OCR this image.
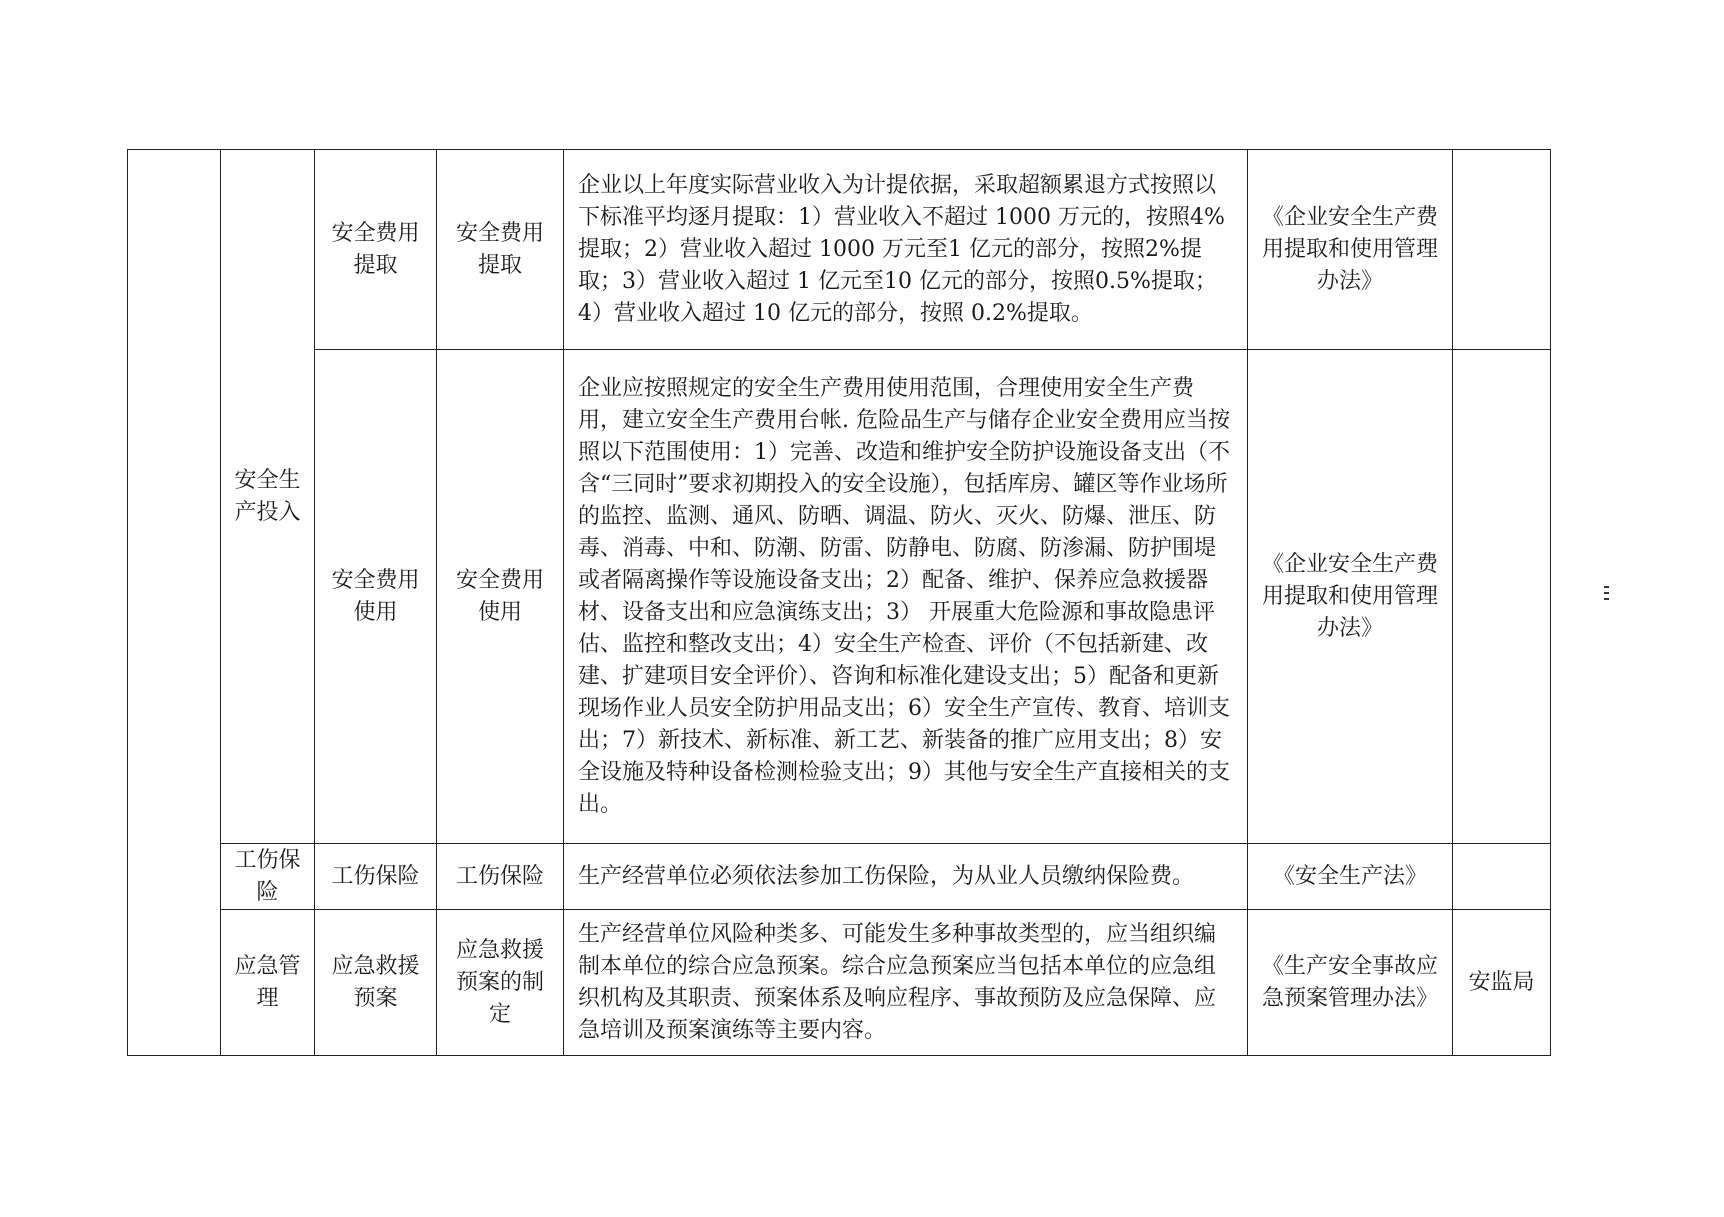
	安全生产投入	安全费用提取	安全费用提取	企业以上年度实际营业收入为计提依据，采取超额累退方式按照以下标准平均逐月提取：1）营业收入不超过 1000 万元的，按照4%提取；2）营业收入超过 1000 万元至1 亿元的部分，按照2%提取；3）营业收入超过 1 亿元至10 亿元的部分，按照0.5%提取；4）营业收入超过 10 亿元的部分，按照 0.2%提取。	《企业安全生产费用提取和使用管理办法》	

		安全费用使用	安全费用使用	企业应按照规定的安全生产费用使用范围，合理使用安全生产费用，建立安全生产费用台帐. 危险品生产与储存企业安全费用应当按照以下范围使用：1）完善、改造和维护安全防护设施设备支出（不含“三同时”要求初期投入的安全设施），包括库房、罐区等作业场所的监控、监测、通风、防晒、调温、防火、灭火、防爆、泄压、防毒、消毒、中和、防潮、防雷、防静电、防腐、防渗漏、防护围堤或者隔离操作等设施设备支出；2）配备、维护、保养应急救援器材、设备支出和应急演练支出；3） 开展重大危险源和事故隐患评估、监控和整改支出；4）安全生产检查、评价（不包括新建、改建、扩建项目安全评价）、咨询和标准化建设支出；5）配备和更新现场作业人员安全防护用品支出；6）安全生产宣传、教育、培训支出；7）新技术、新标准、新工艺、新装备的推广应用支出；8）安全设施及特种设备检测检验支出；9）其他与安全生产直接相关的支出。	《企业安全生产费用提取和使用管理办法》	

	工伤保险	工伤保险	工伤保险	生产经营单位必须依法参加工伤保险，为从业人员缴纳保险费。	《安全生产法》	

	应急管理	应急救援预案	应急救援预案的制定	生产经营单位风险种类多、可能发生多种事故类型的，应当组织编制本单位的综合应急预案。综合应急预案应当包括本单位的应急组织机构及其职责、预案体系及响应程序、事故预防及应急保障、应急培训及预案演练等主要内容。	《生产安全事故应急预案管理办法》	安监局
